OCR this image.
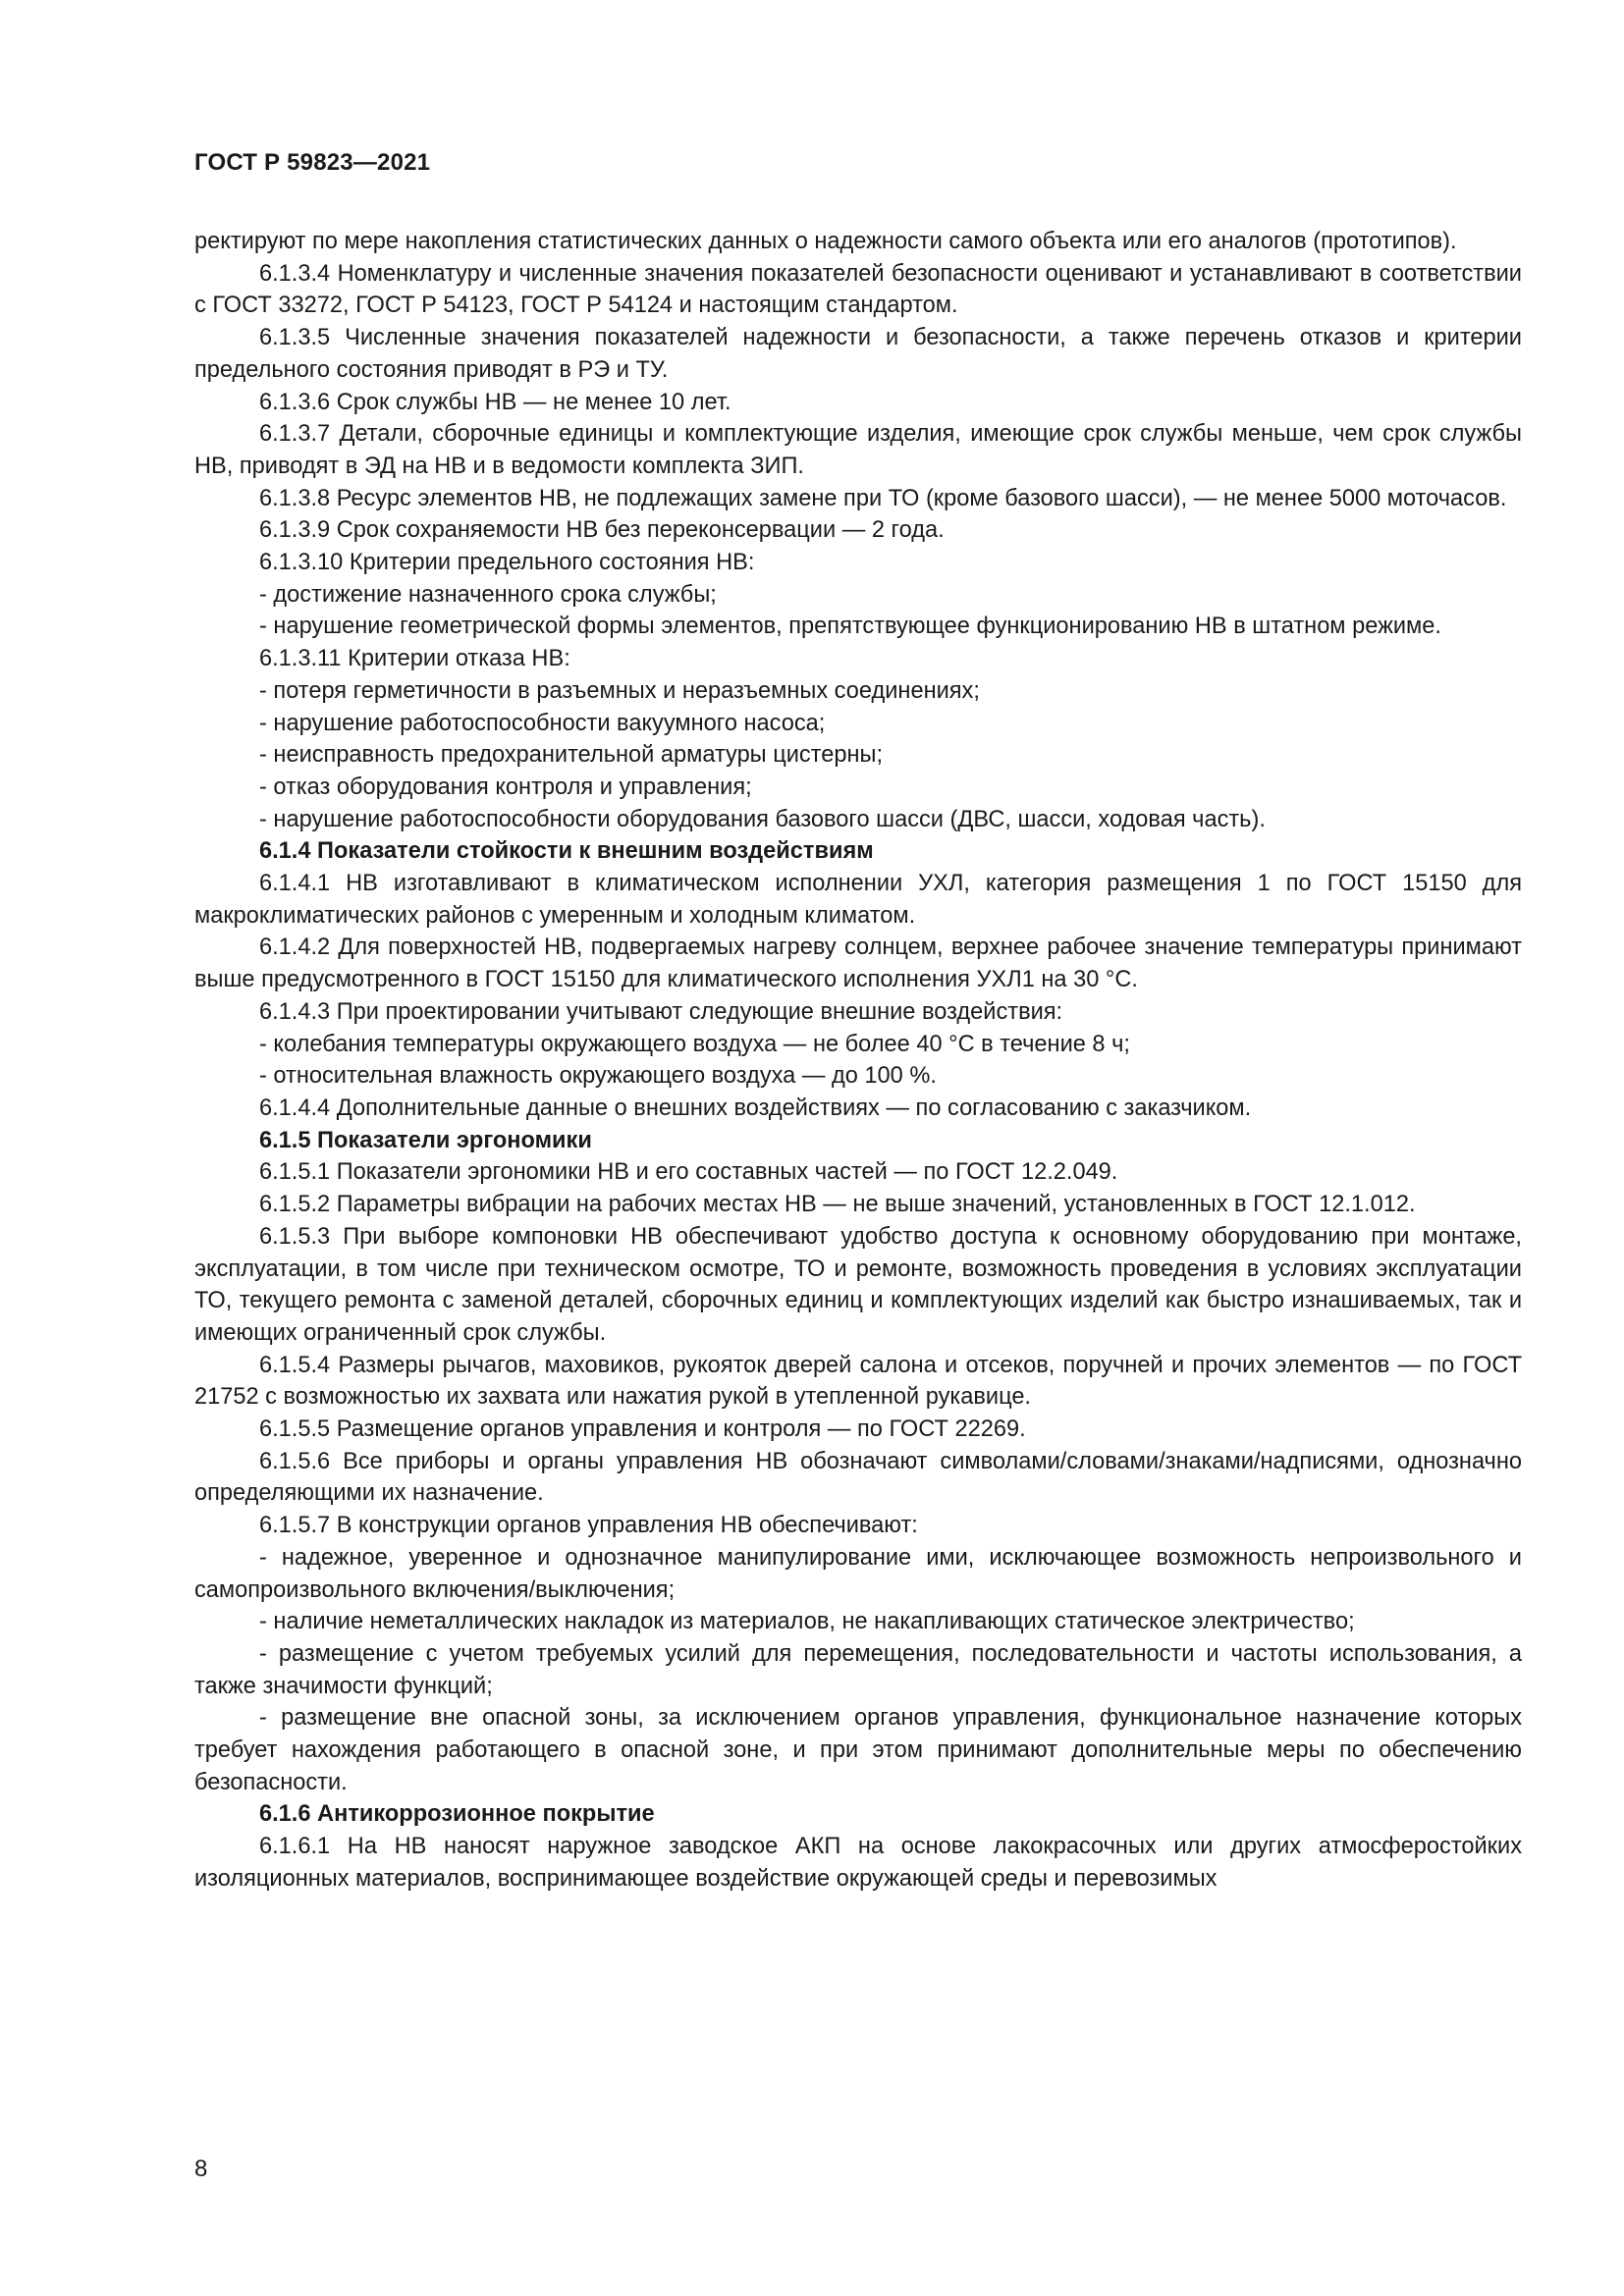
ГОСТ Р 59823—2021

ректируют по мере накопления статистических данных о надежности самого объекта или его аналогов (прототипов).

6.1.3.4 Номенклатуру и численные значения показателей безопасности оценивают и устанавливают в соответствии с ГОСТ 33272, ГОСТ Р 54123, ГОСТ Р 54124 и настоящим стандартом.

6.1.3.5 Численные значения показателей надежности и безопасности, а также перечень отказов и критерии предельного состояния приводят в РЭ и ТУ.

6.1.3.6 Срок службы НВ — не менее 10 лет.

6.1.3.7 Детали, сборочные единицы и комплектующие изделия, имеющие срок службы меньше, чем срок службы НВ, приводят в ЭД на НВ и в ведомости комплекта ЗИП.

6.1.3.8 Ресурс элементов НВ, не подлежащих замене при ТО (кроме базового шасси), — не менее 5000 моточасов.

6.1.3.9 Срок сохраняемости НВ без переконсервации — 2 года.

6.1.3.10 Критерии предельного состояния НВ:

- достижение назначенного срока службы;

- нарушение геометрической формы элементов, препятствующее функционированию НВ в штатном режиме.

6.1.3.11 Критерии отказа НВ:

- потеря герметичности в разъемных и неразъемных соединениях;

- нарушение работоспособности вакуумного насоса;

- неисправность предохранительной арматуры цистерны;

- отказ оборудования контроля и управления;

- нарушение работоспособности оборудования базового шасси (ДВС, шасси, ходовая часть).

6.1.4 Показатели стойкости к внешним воздействиям

6.1.4.1 НВ изготавливают в климатическом исполнении УХЛ, категория размещения 1 по ГОСТ 15150 для макроклиматических районов с умеренным и холодным климатом.

6.1.4.2 Для поверхностей НВ, подвергаемых нагреву солнцем, верхнее рабочее значение температуры принимают выше предусмотренного в ГОСТ 15150 для климатического исполнения УХЛ1 на 30 °С.

6.1.4.3 При проектировании учитывают следующие внешние воздействия:

- колебания температуры окружающего воздуха — не более 40 °С в течение 8 ч;

- относительная влажность окружающего воздуха — до 100 %.

6.1.4.4 Дополнительные данные о внешних воздействиях — по согласованию с заказчиком.

6.1.5 Показатели эргономики

6.1.5.1 Показатели эргономики НВ и его составных частей — по ГОСТ 12.2.049.

6.1.5.2 Параметры вибрации на рабочих местах НВ — не выше значений, установленных в ГОСТ 12.1.012.

6.1.5.3 При выборе компоновки НВ обеспечивают удобство доступа к основному оборудованию при монтаже, эксплуатации, в том числе при техническом осмотре, ТО и ремонте, возможность проведения в условиях эксплуатации ТО, текущего ремонта с заменой деталей, сборочных единиц и комплектующих изделий как быстро изнашиваемых, так и имеющих ограниченный срок службы.

6.1.5.4 Размеры рычагов, маховиков, рукояток дверей салона и отсеков, поручней и прочих элементов — по ГОСТ 21752 с возможностью их захвата или нажатия рукой в утепленной рукавице.

6.1.5.5 Размещение органов управления и контроля — по ГОСТ 22269.

6.1.5.6 Все приборы и органы управления НВ обозначают символами/словами/знаками/надписями, однозначно определяющими их назначение.

6.1.5.7 В конструкции органов управления НВ обеспечивают:

- надежное, уверенное и однозначное манипулирование ими, исключающее возможность непроизвольного и самопроизвольного включения/выключения;

- наличие неметаллических накладок из материалов, не накапливающих статическое электричество;

- размещение с учетом требуемых усилий для перемещения, последовательности и частоты использования, а также значимости функций;

- размещение вне опасной зоны, за исключением органов управления, функциональное назначение которых требует нахождения работающего в опасной зоне, и при этом принимают дополнительные меры по обеспечению безопасности.

6.1.6 Антикоррозионное покрытие

6.1.6.1 На НВ наносят наружное заводское АКП на основе лакокрасочных или других атмосферостойких изоляционных материалов, воспринимающее воздействие окружающей среды и перевозимых

8
